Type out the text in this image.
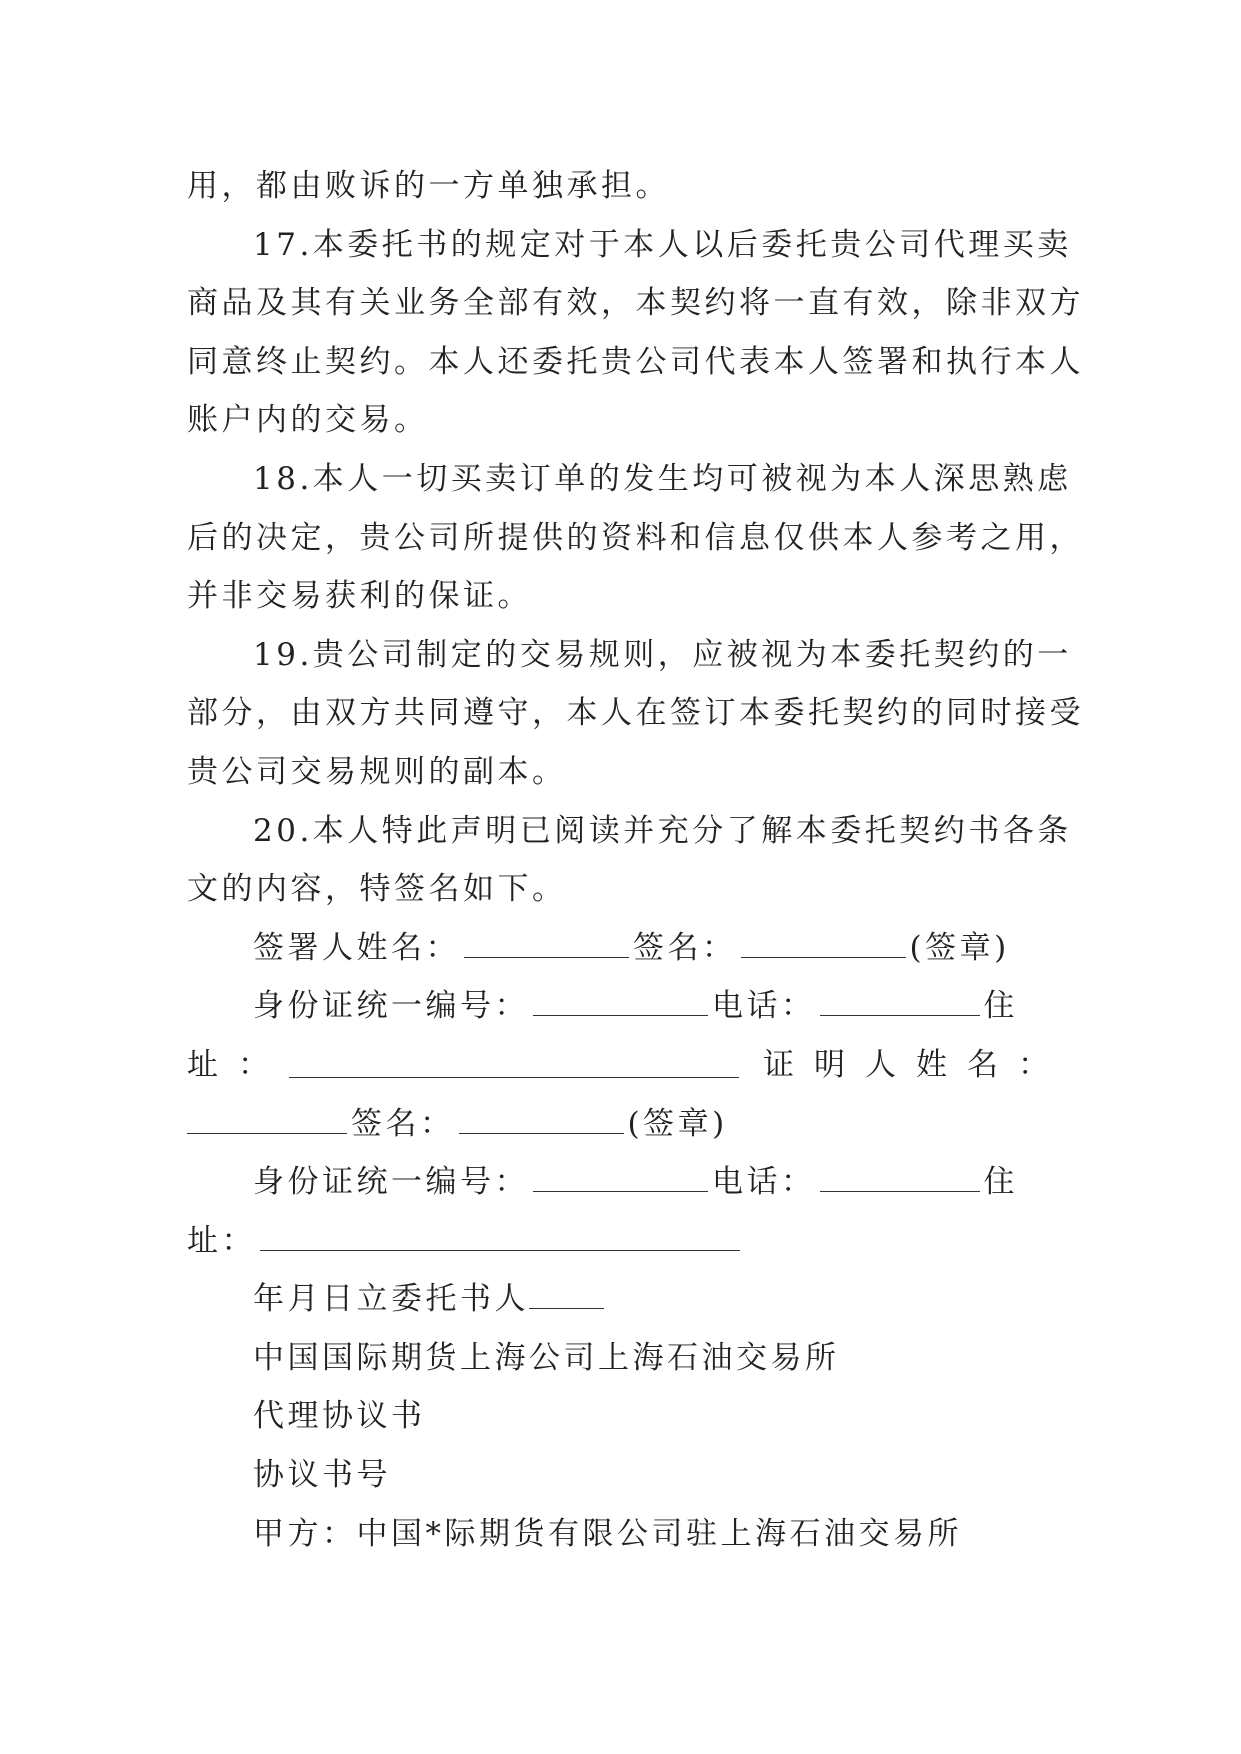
用，都由败诉的一方单独承担。
17.本委托书的规定对于本人以后委托贵公司代理买卖
商品及其有关业务全部有效，本契约将一直有效，除非双方
同意终止契约。本人还委托贵公司代表本人签署和执行本人
账户内的交易。
18.本人一切买卖订单的发生均可被视为本人深思熟虑
后的决定，贵公司所提供的资料和信息仅供本人参考之用，
并非交易获利的保证。
19.贵公司制定的交易规则，应被视为本委托契约的一
部分，由双方共同遵守，本人在签订本委托契约的同时接受
贵公司交易规则的副本。
20.本人特此声明已阅读并充分了解本委托契约书各条
文的内容，特签名如下。
签署人姓名：	签名：	(签章)
身份证统一编号：	电话：	住
址 ：	证 明 人 姓 名 ：
签名：	(签章)
身份证统一编号：	电话：	住
址：
年月日立委托书人
中国国际期货上海公司上海石油交易所
代理协议书
协议书号
甲方：中国*际期货有限公司驻上海石油交易所
